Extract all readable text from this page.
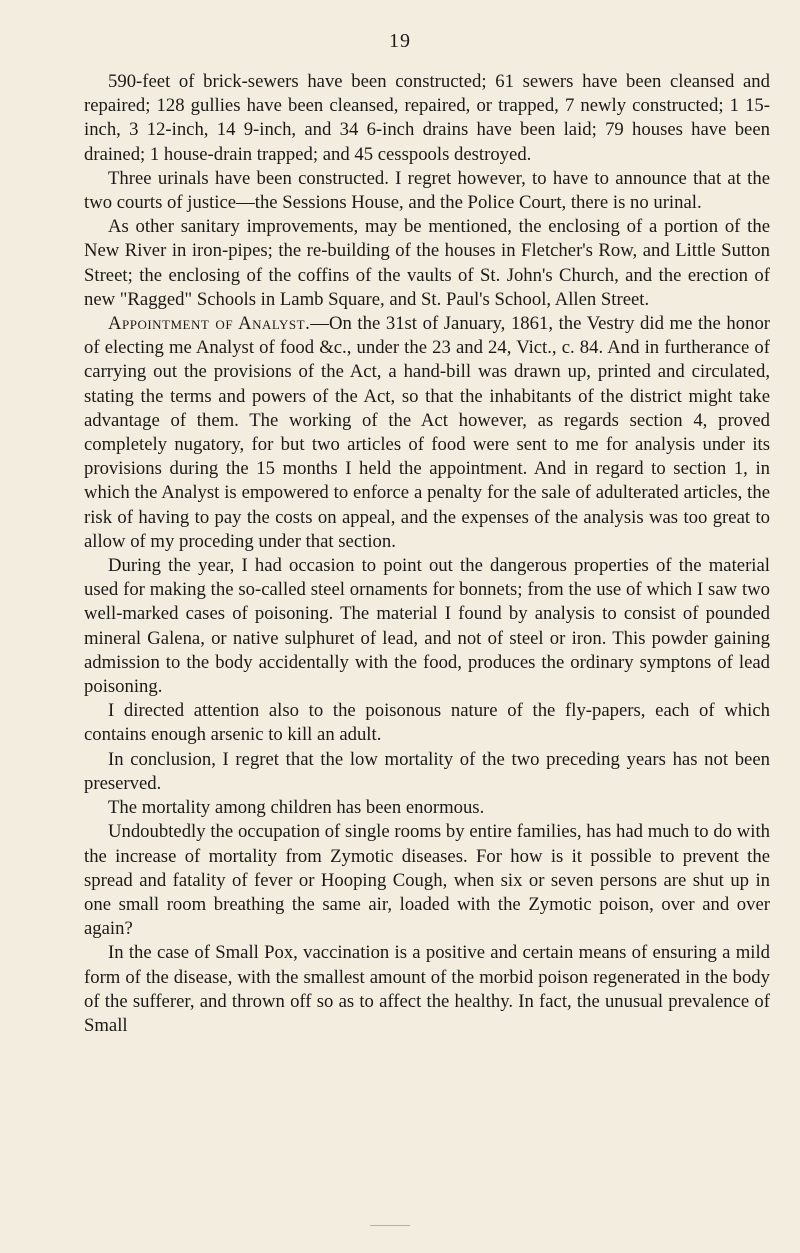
19

590-feet of brick-sewers have been constructed; 61 sewers have been cleansed and repaired; 128 gullies have been cleansed, repaired, or trapped, 7 newly constructed; 1 15-inch, 3 12-inch, 14 9-inch, and 34 6-inch drains have been laid; 79 houses have been drained; 1 house-drain trapped; and 45 cesspools destroyed.

Three urinals have been constructed. I regret however, to have to announce that at the two courts of justice—the Sessions House, and the Police Court, there is no urinal.

As other sanitary improvements, may be mentioned, the enclosing of a portion of the New River in iron-pipes; the re-building of the houses in Fletcher's Row, and Little Sutton Street; the enclosing of the coffins of the vaults of St. John's Church, and the erection of new "Ragged" Schools in Lamb Square, and St. Paul's School, Allen Street.

Appointment of Analyst.—On the 31st of January, 1861, the Vestry did me the honor of electing me Analyst of food &c., under the 23 and 24, Vict., c. 84. And in furtherance of carrying out the provisions of the Act, a hand-bill was drawn up, printed and circulated, stating the terms and powers of the Act, so that the inhabitants of the district might take advantage of them. The working of the Act however, as regards section 4, proved completely nugatory, for but two articles of food were sent to me for analysis under its provisions during the 15 months I held the appointment. And in regard to section 1, in which the Analyst is empowered to enforce a penalty for the sale of adulterated articles, the risk of having to pay the costs on appeal, and the expenses of the analysis was too great to allow of my proceding under that section.

During the year, I had occasion to point out the dangerous properties of the material used for making the so-called steel ornaments for bonnets; from the use of which I saw two well-marked cases of poisoning. The material I found by analysis to consist of pounded mineral Galena, or native sulphuret of lead, and not of steel or iron. This powder gaining admission to the body accidentally with the food, produces the ordinary symptons of lead poisoning.

I directed attention also to the poisonous nature of the fly-papers, each of which contains enough arsenic to kill an adult.

In conclusion, I regret that the low mortality of the two preceding years has not been preserved.

The mortality among children has been enormous.

Undoubtedly the occupation of single rooms by entire families, has had much to do with the increase of mortality from Zymotic diseases. For how is it possible to prevent the spread and fatality of fever or Hooping Cough, when six or seven persons are shut up in one small room breathing the same air, loaded with the Zymotic poison, over and over again?

In the case of Small Pox, vaccination is a positive and certain means of ensuring a mild form of the disease, with the smallest amount of the morbid poison regenerated in the body of the sufferer, and thrown off so as to affect the healthy. In fact, the unusual prevalence of Small
